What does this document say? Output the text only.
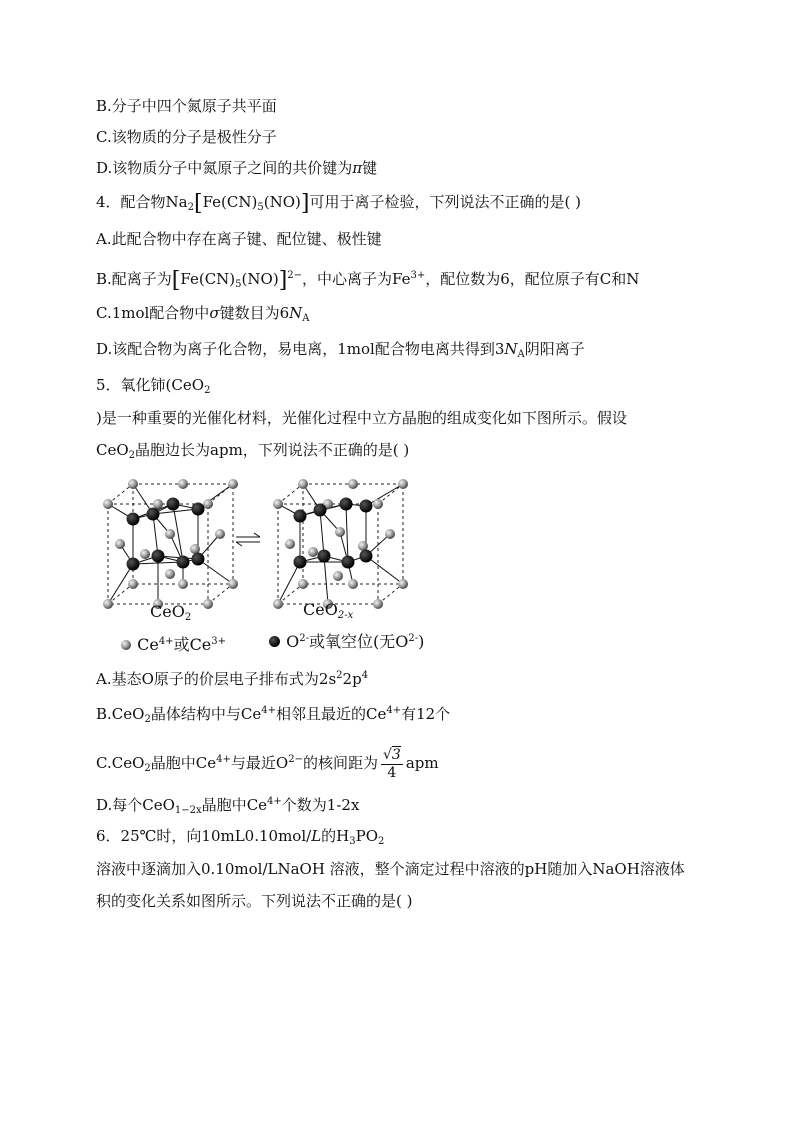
B.分子中四个氮原子共平面
C.该物质的分子是极性分子
D.该物质分子中氮原子之间的共价键为π键
4．配合物$Na_2[Fe(CN)_5(NO)]$可用于离子检验，下列说法不正确的是( )
A.此配合物中存在离子键、配位键、极性键
B.配离子为$[Fe(CN)_5(NO)]^{2-}$，中心离子为$Fe^{3+}$，配位数为6，配位原子有C和N
C.1mol配合物中σ键数目为$6N_A$
D.该配合物为离子化合物，易电离，1mol配合物电离共得到$3N_A$阴阳离子
5．氧化铈(CeO$_2$
)是一种重要的光催化材料，光催化过程中立方晶胞的组成变化如下图所示。假设
CeO$_2$晶胞边长为apm，下列说法不正确的是( )
CeO$_2$	CeO$_{2-x}$
$Ce^{4+}$或$Ce^{3+}$	$O^{2-}$或氧空位(无$O^{2-}$)
A.基态O原子的价层电子排布式为$2s^22p^4$
B.CeO$_2$晶体结构中与$Ce^{4+}$相邻且最近的$Ce^{4+}$有12个
C.CeO$_2$晶胞中$Ce^{4+}$与最近$O^{2-}$的核间距为 $\frac{√3}{4}$ apm
D.每个CeO$_{1-2x}$晶胞中$Ce^{4+}$个数为1-2x
6．25℃时，向10mL0.10mol/L的$H_3PO_2$
溶液中逐滴加入0.10mol/LNaOH 溶液，整个滴定过程中溶液的pH随加入NaOH溶液体
积的变化关系如图所示。下列说法不正确的是( )
